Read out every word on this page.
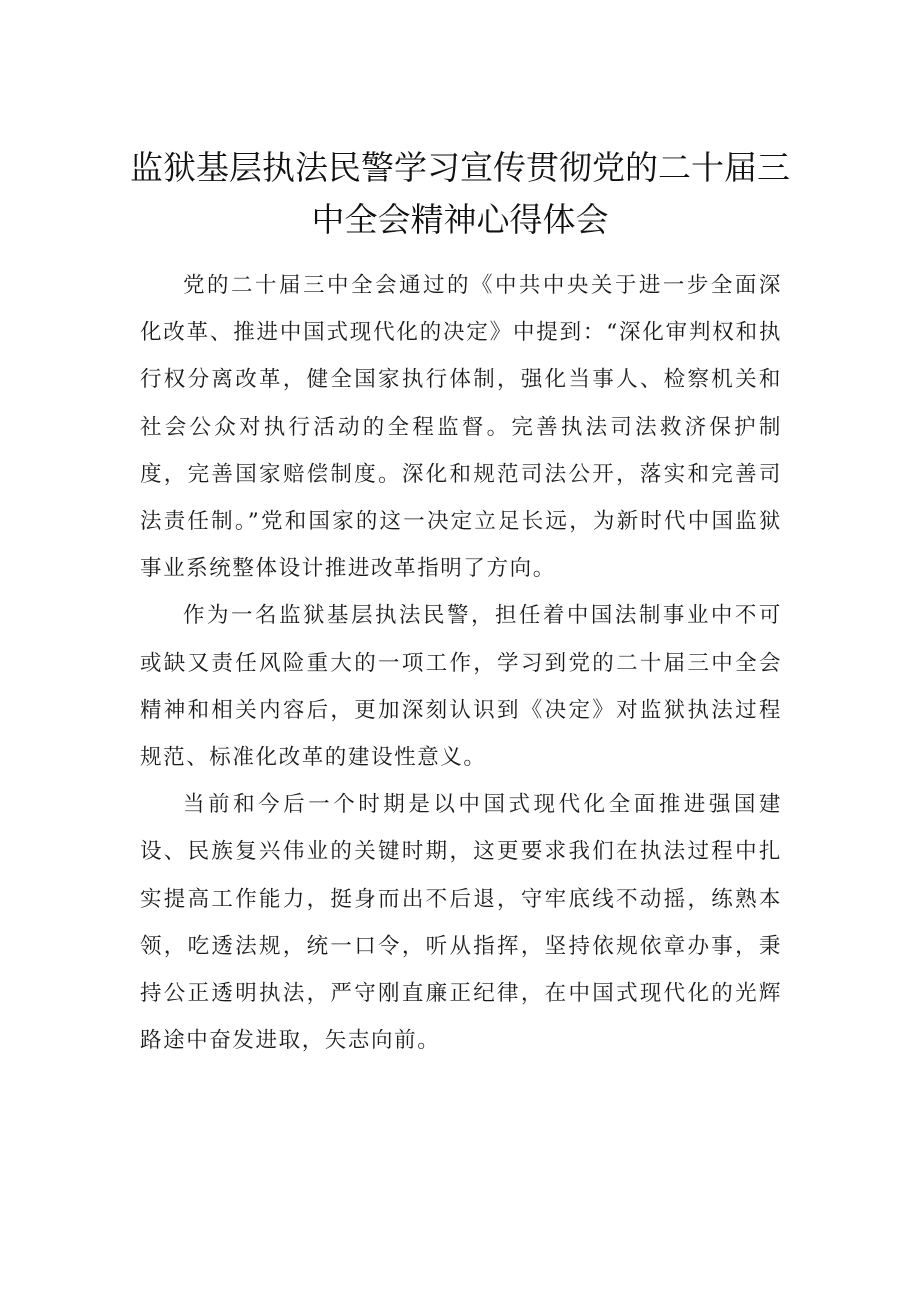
监狱基层执法民警学习宣传贯彻党的二十届三中全会精神心得体会

党的二十届三中全会通过的《中共中央关于进一步全面深化改革、推进中国式现代化的决定》中提到：“深化审判权和执行权分离改革，健全国家执行体制，强化当事人、检察机关和社会公众对执行活动的全程监督。完善执法司法救济保护制度，完善国家赔偿制度。深化和规范司法公开，落实和完善司法责任制。”党和国家的这一决定立足长远，为新时代中国监狱事业系统整体设计推进改革指明了方向。

作为一名监狱基层执法民警，担任着中国法制事业中不可或缺又责任风险重大的一项工作，学习到党的二十届三中全会精神和相关内容后，更加深刻认识到《决定》对监狱执法过程规范、标准化改革的建设性意义。

当前和今后一个时期是以中国式现代化全面推进强国建设、民族复兴伟业的关键时期，这更要求我们在执法过程中扎实提高工作能力，挺身而出不后退，守牢底线不动摇，练熟本领，吃透法规，统一口令，听从指挥，坚持依规依章办事，秉持公正透明执法，严守刚直廉正纪律，在中国式现代化的光辉路途中奋发进取，矢志向前。
